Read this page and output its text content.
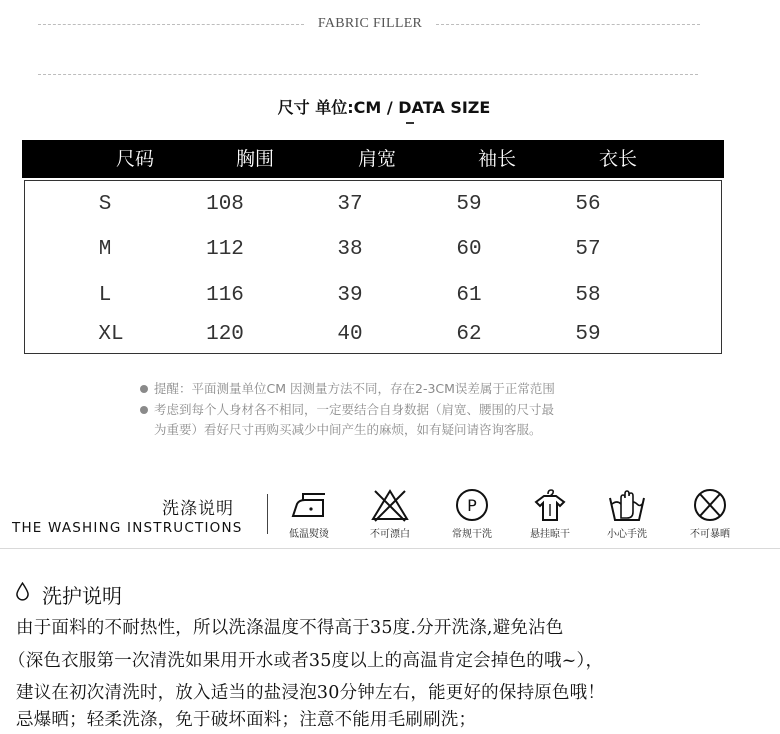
FABRIC FILLER
尺寸 单位:CM / DATA SIZE
尺码	胸围	肩宽	袖长	衣长
S	108	37	59	56
M	112	38	60	57
L	116	39	61	58
XL	120	40	62	59
提醒：平面测量单位CM 因测量方法不同，存在2-3CM误差属于正常范围
考虑到每个人身材各不相同，一定要结合自身数据（肩宽、腰围的尺寸最
为重要）看好尺寸再购买减少中间产生的麻烦，如有疑问请咨询客服。
洗涤说明
THE WASHING INSTRUCTIONS	低温熨烫	不可漂白
P
常规干洗	悬挂晾干	小心手洗	不可暴晒
洗护说明
由于面料的不耐热性，所以洗涤温度不得高于35度.分开洗涤,避免沾色
（深色衣服第一次清洗如果用开水或者35度以上的高温肯定会掉色的哦~），
建议在初次清洗时，放入适当的盐浸泡30分钟左右，能更好的保持原色哦！
忌爆晒；轻柔洗涤，免于破坏面料；注意不能用毛刷刷洗；
